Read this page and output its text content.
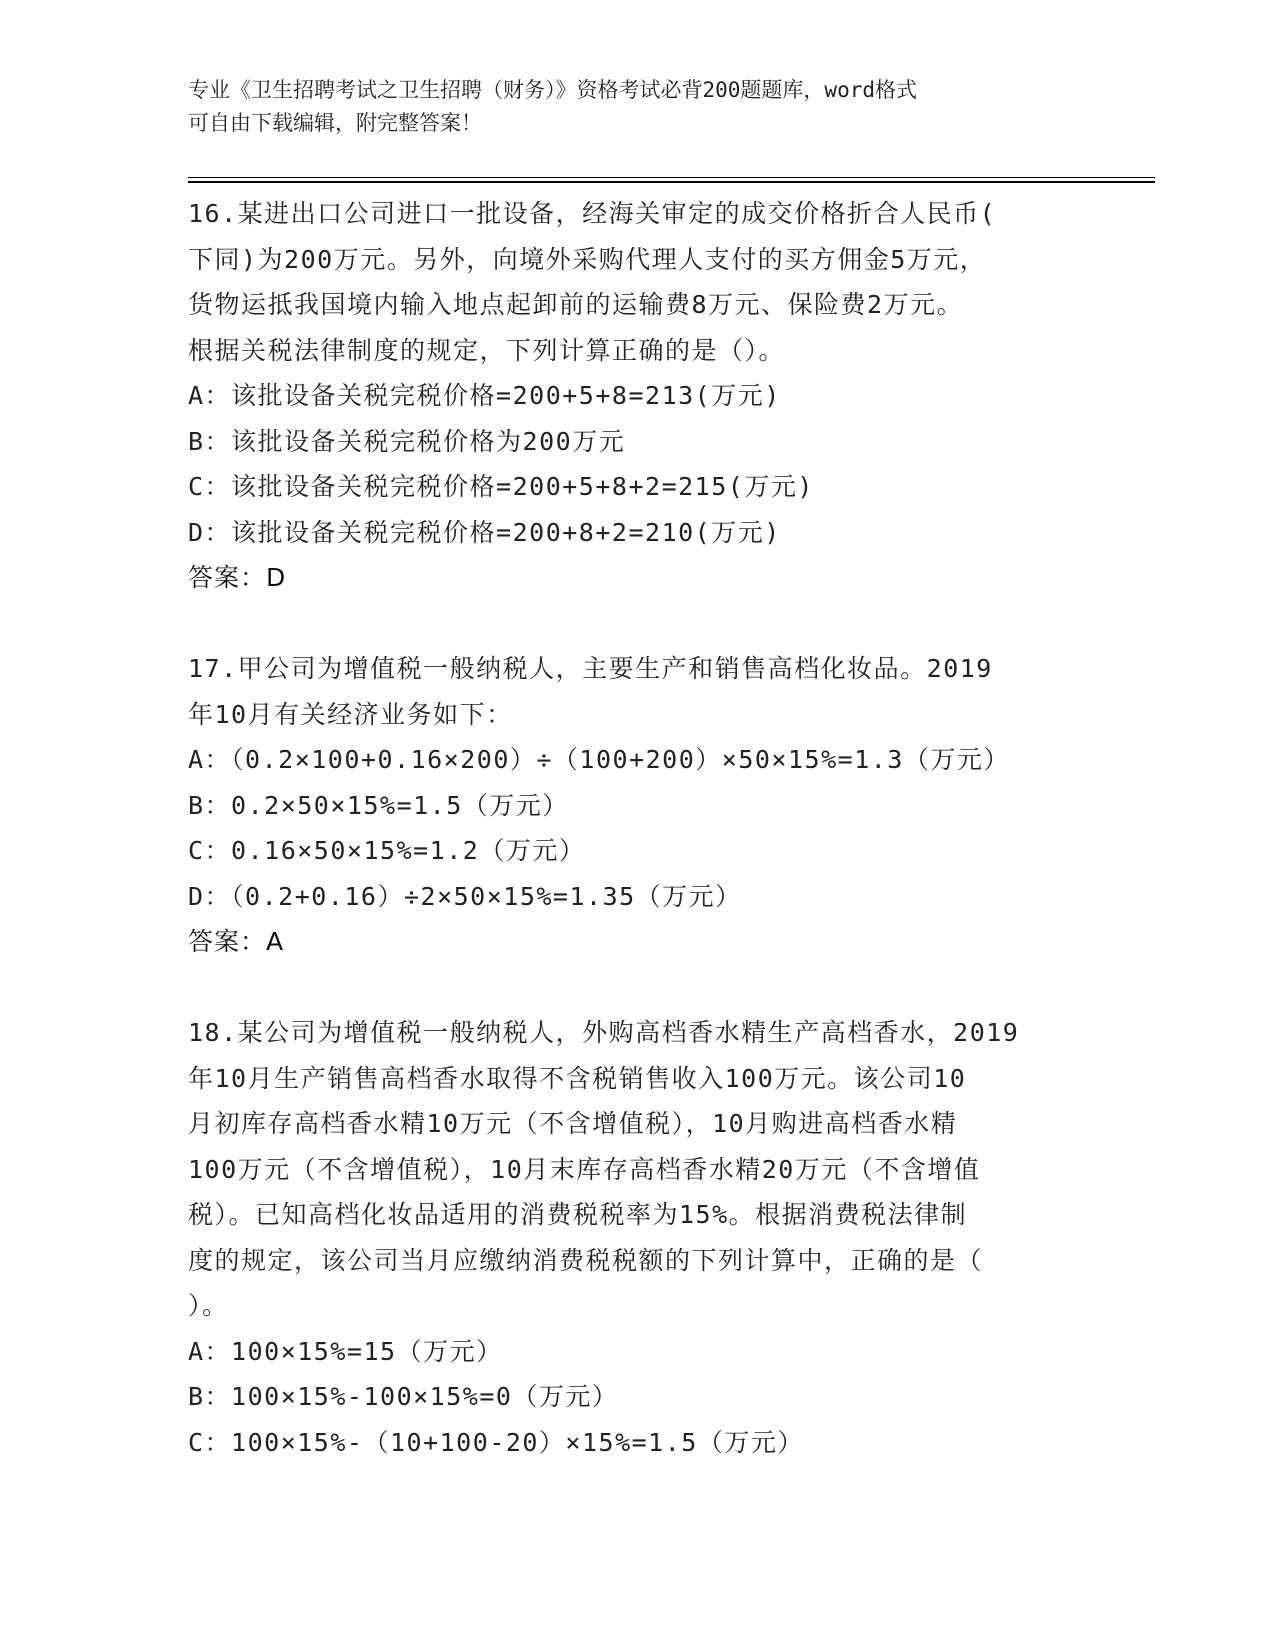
专业《卫生招聘考试之卫生招聘（财务）》资格考试必背200题题库，word格式
可自由下载编辑，附完整答案！
16.某进出口公司进口一批设备，经海关审定的成交价格折合人民币(
下同)为200万元。另外，向境外采购代理人支付的买方佣金5万元，
货物运抵我国境内输入地点起卸前的运输费8万元、保险费2万元。
根据关税法律制度的规定，下列计算正确的是（）。
A：该批设备关税完税价格=200+5+8=213(万元)
B：该批设备关税完税价格为200万元
C：该批设备关税完税价格=200+5+8+2=215(万元)
D：该批设备关税完税价格=200+8+2=210(万元)
答案：D
17.甲公司为增值税一般纳税人，主要生产和销售高档化妆品。2019
年10月有关经济业务如下：
A：（0.2×100+0.16×200）÷（100+200）×50×15%=1.3（万元）
B：0.2×50×15%=1.5（万元）
C：0.16×50×15%=1.2（万元）
D：（0.2+0.16）÷2×50×15%=1.35（万元）
答案：A
18.某公司为增值税一般纳税人，外购高档香水精生产高档香水，2019
年10月生产销售高档香水取得不含税销售收入100万元。该公司10
月初库存高档香水精10万元（不含增值税），10月购进高档香水精
100万元（不含增值税），10月末库存高档香水精20万元（不含增值
税）。已知高档化妆品适用的消费税税率为15%。根据消费税法律制
度的规定，该公司当月应缴纳消费税税额的下列计算中，正确的是（
）。
A：100×15%=15（万元）
B：100×15%-100×15%=0（万元）
C：100×15%-（10+100-20）×15%=1.5（万元）
